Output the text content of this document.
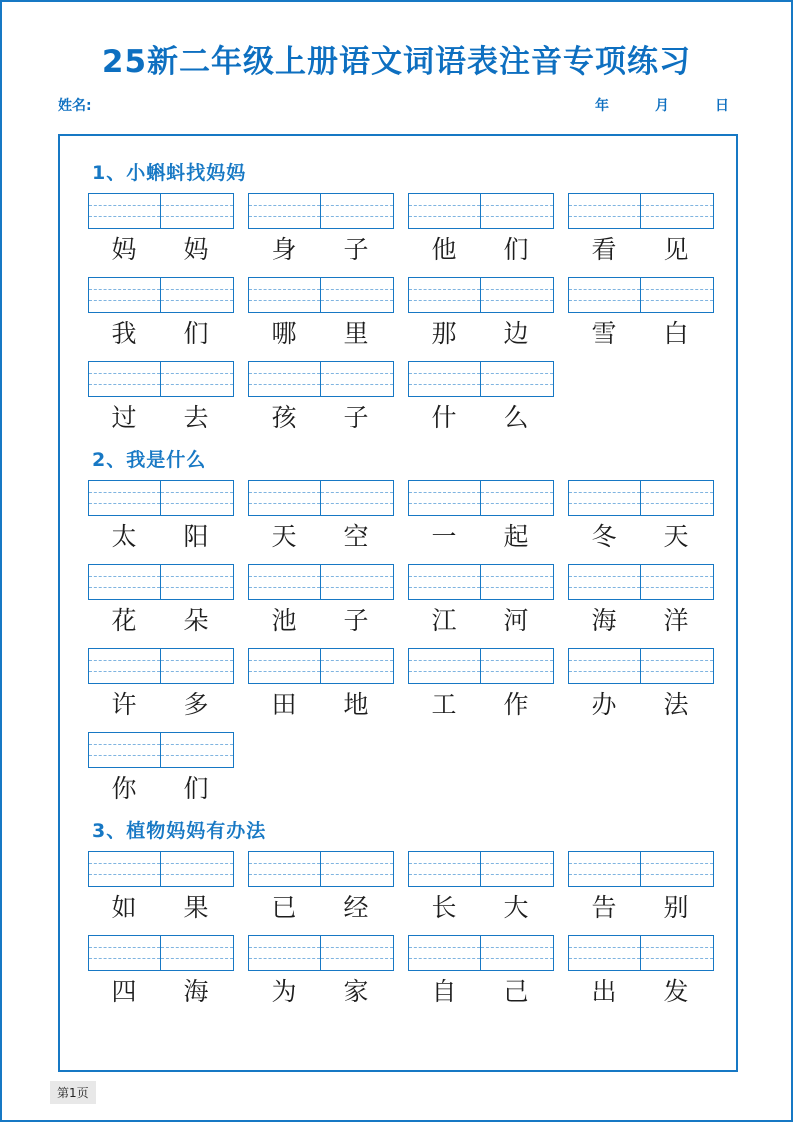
25新二年级上册语文词语表注音专项练习
姓名:	年	月	日
1、小蝌蚪找妈妈
妈	妈	身	子	他	们	看	见
我	们	哪	里	那	边	雪	白
过	去	孩	子	什	么
2、我是什么
太	阳	天	空	一	起	冬	天
花	朵	池	子	江	河	海	洋
许	多	田	地	工	作	办	法
你	们
3、植物妈妈有办法
如	果	已	经	长	大	告	别
四	海	为	家	自	己	出	发
第1页
